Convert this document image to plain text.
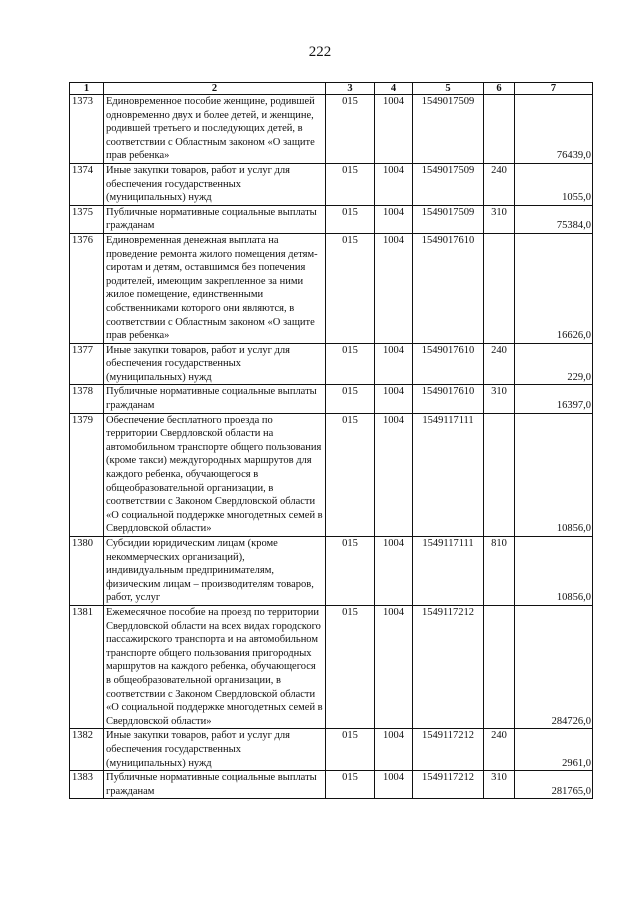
222
1	2	3	4	5	6	7
1373	Единовременное пособие женщине, родившей одновременно двух и более детей, и женщине, родившей третьего и последующих детей, в соответствии с Областным законом «О защите прав ребенка»	015	1004	1549017509		76439,0
1374	Иные закупки товаров, работ и услуг для обеспечения государственных (муниципальных) нужд	015	1004	1549017509	240	1055,0
1375	Публичные нормативные социальные выплаты гражданам	015	1004	1549017509	310	75384,0
1376	Единовременная денежная выплата на проведение ремонта жилого помещения детям-сиротам и детям, оставшимся без попечения родителей, имеющим закрепленное за ними жилое помещение, единственными собственниками которого они являются, в соответствии с Областным законом «О защите прав ребенка»	015	1004	1549017610		16626,0
1377	Иные закупки товаров, работ и услуг для обеспечения государственных (муниципальных) нужд	015	1004	1549017610	240	229,0
1378	Публичные нормативные социальные выплаты гражданам	015	1004	1549017610	310	16397,0
1379	Обеспечение бесплатного проезда по территории Свердловской области на автомобильном транспорте общего пользования (кроме такси) междугородных маршрутов для каждого ребенка, обучающегося в общеобразовательной организации, в соответствии с Законом Свердловской области «О социальной поддержке многодетных семей в Свердловской области»	015	1004	1549117111		10856,0
1380	Субсидии юридическим лицам (кроме некоммерческих организаций), индивидуальным предпринимателям, физическим лицам – производителям товаров, работ, услуг	015	1004	1549117111	810	10856,0
1381	Ежемесячное пособие на проезд по территории Свердловской области на всех видах городского пассажирского транспорта и на автомобильном транспорте общего пользования пригородных маршрутов на каждого ребенка, обучающегося в общеобразовательной организации, в соответствии с Законом Свердловской области «О социальной поддержке многодетных семей в Свердловской области»	015	1004	1549117212		284726,0
1382	Иные закупки товаров, работ и услуг для обеспечения государственных (муниципальных) нужд	015	1004	1549117212	240	2961,0
1383	Публичные нормативные социальные выплаты гражданам	015	1004	1549117212	310	281765,0
